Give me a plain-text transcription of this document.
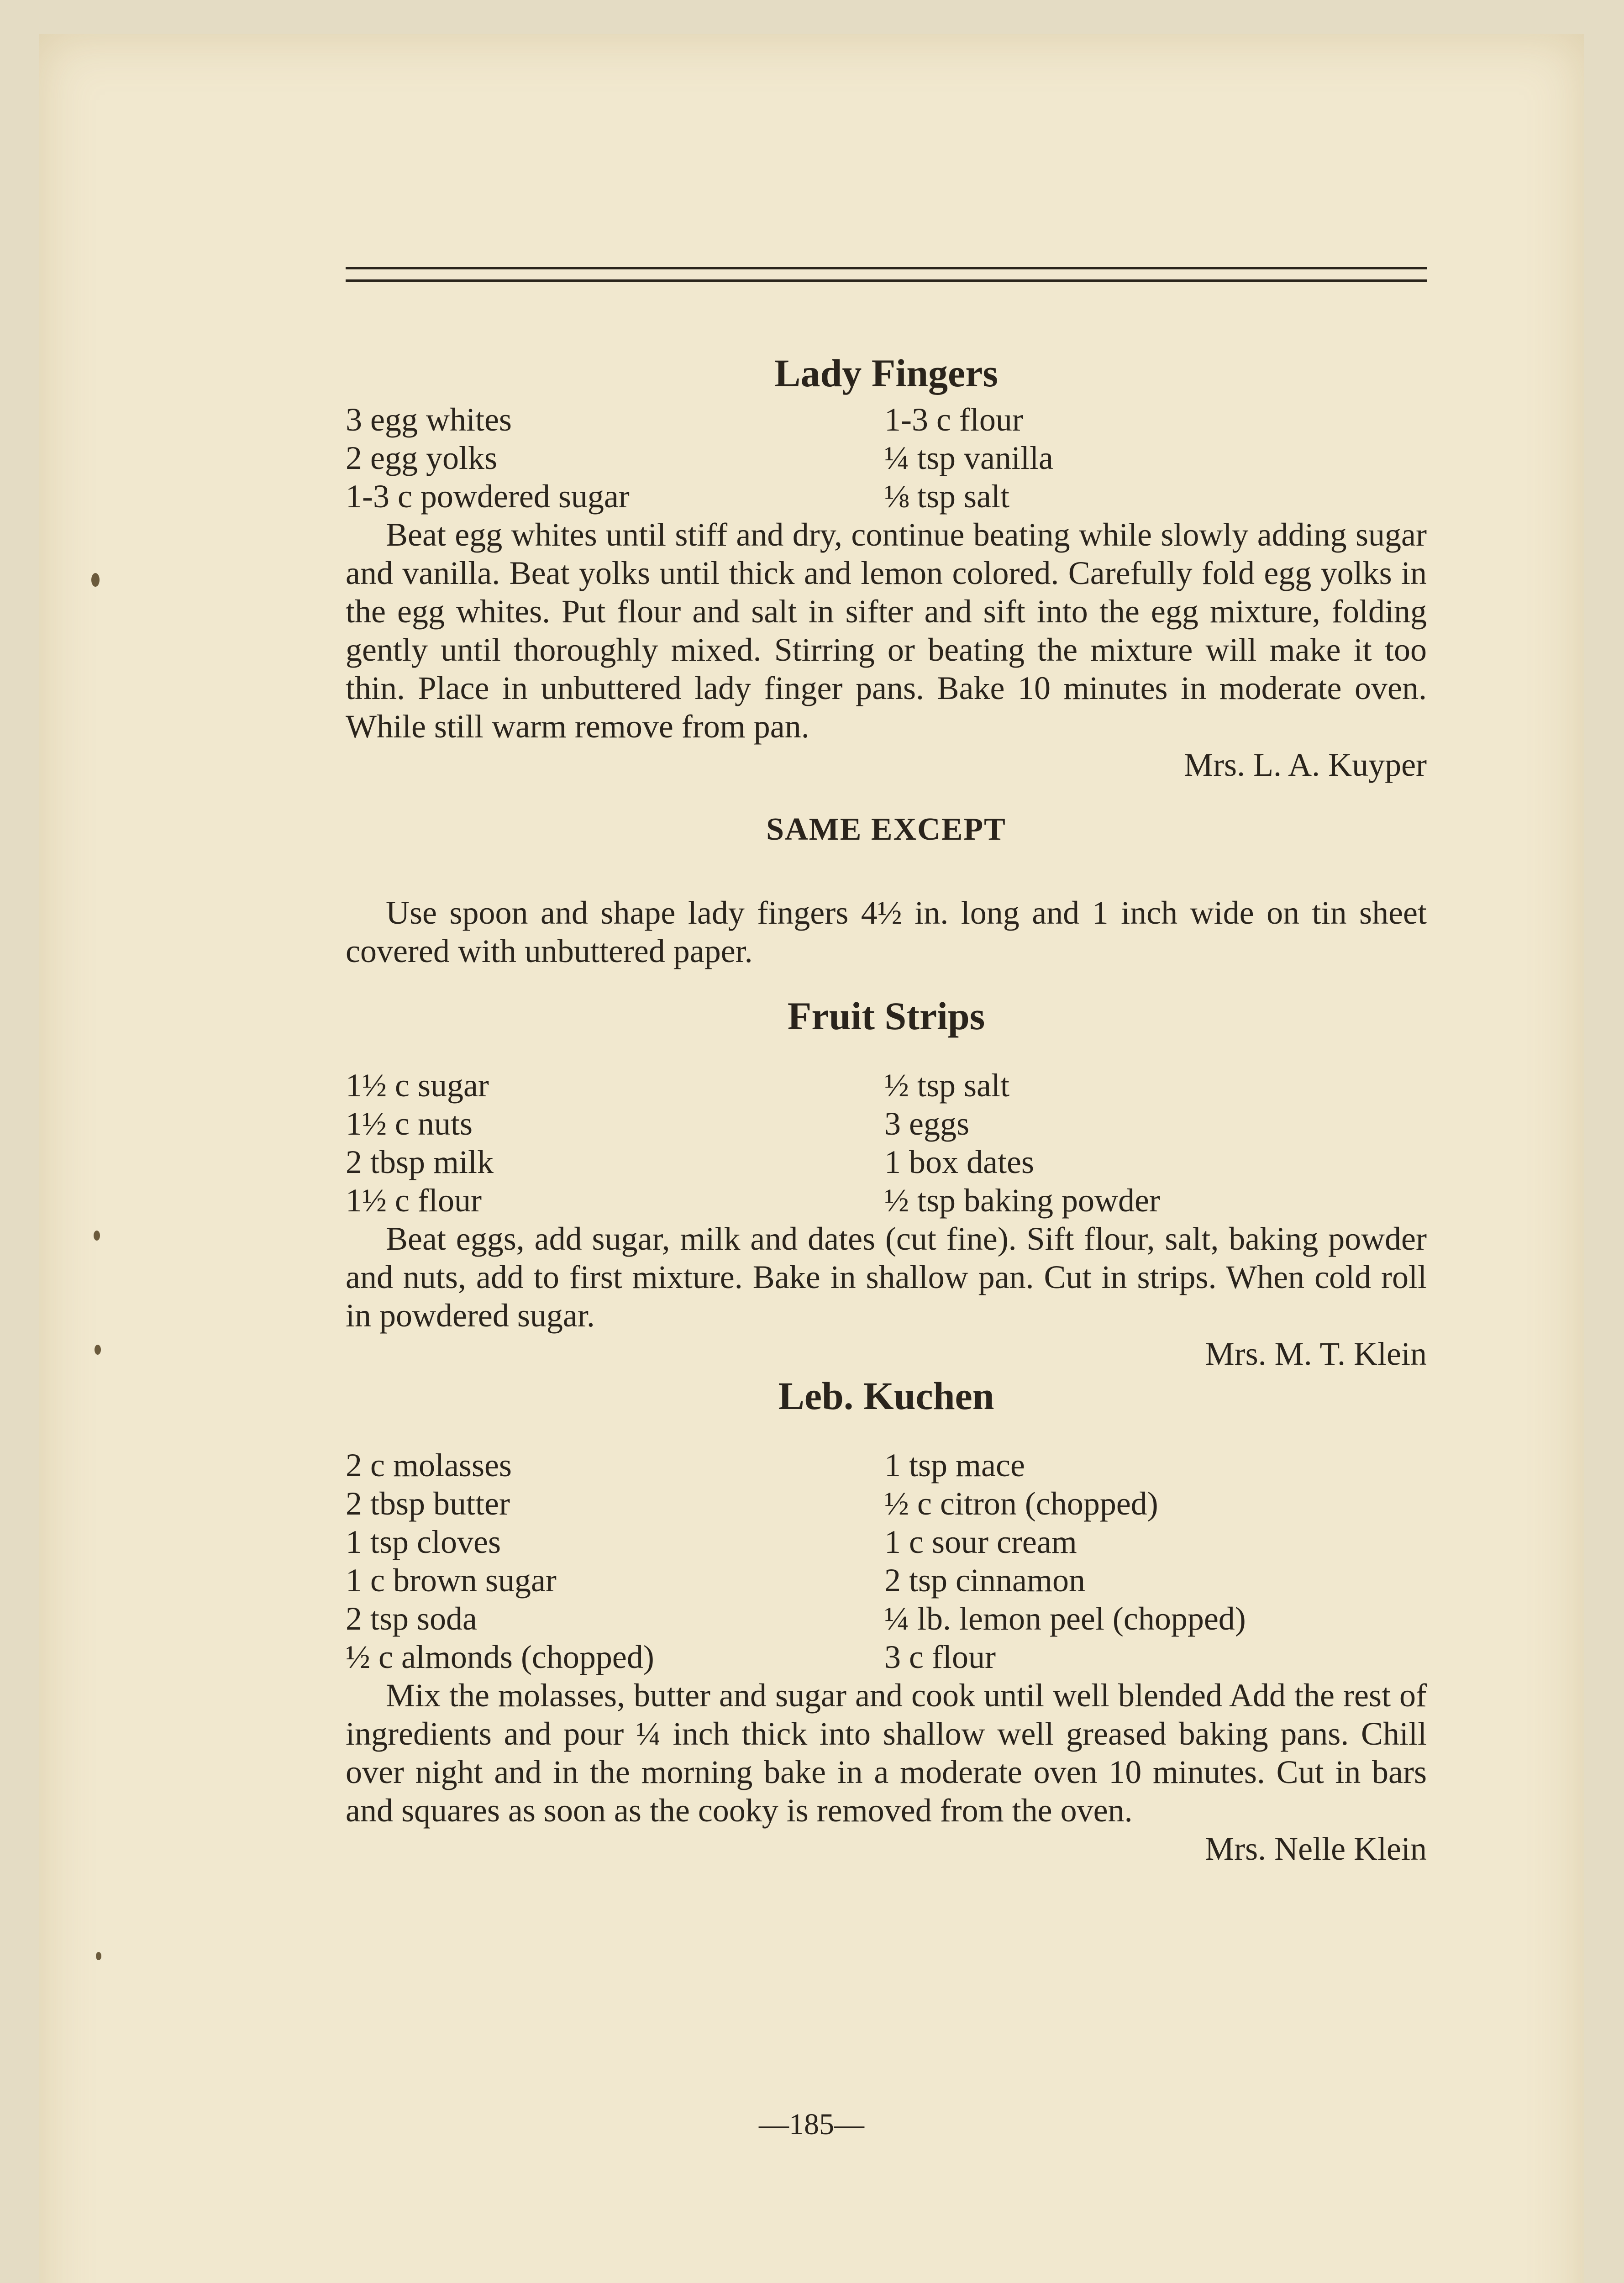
Lady Fingers
3 egg whites	1-3 c flour
2 egg yolks	¼ tsp vanilla
1-3 c powdered sugar	⅛ tsp salt

Beat egg whites until stiff and dry, continue beating while slowly adding sugar and vanilla. Beat yolks until thick and lemon colored. Carefully fold egg yolks in the egg whites. Put flour and salt in sifter and sift into the egg mixture, folding gently until thoroughly mixed. Stirring or beating the mixture will make it too thin. Place in unbuttered lady finger pans. Bake 10 minutes in moderate oven. While still warm remove from pan.

Mrs. L. A. Kuyper

SAME EXCEPT

Use spoon and shape lady fingers 4½ in. long and 1 inch wide on tin sheet covered with unbuttered paper.

Fruit Strips
1½ c sugar	½ tsp salt
1½ c nuts	3 eggs
2 tbsp milk	1 box dates
1½ c flour	½ tsp baking powder

Beat eggs, add sugar, milk and dates (cut fine). Sift flour, salt, baking powder and nuts, add to first mixture. Bake in shallow pan. Cut in strips. When cold roll in powdered sugar.

Mrs. M. T. Klein

Leb. Kuchen
2 c molasses	1 tsp mace
2 tbsp butter	½ c citron (chopped)
1 tsp cloves	1 c sour cream
1 c brown sugar	2 tsp cinnamon
2 tsp soda	¼ lb. lemon peel (chopped)
½ c almonds (chopped)	3 c flour

Mix the molasses, butter and sugar and cook until well blended Add the rest of ingredients and pour ¼ inch thick into shallow well greased baking pans. Chill over night and in the morning bake in a moderate oven 10 minutes. Cut in bars and squares as soon as the cooky is removed from the oven.

Mrs. Nelle Klein

—185—
